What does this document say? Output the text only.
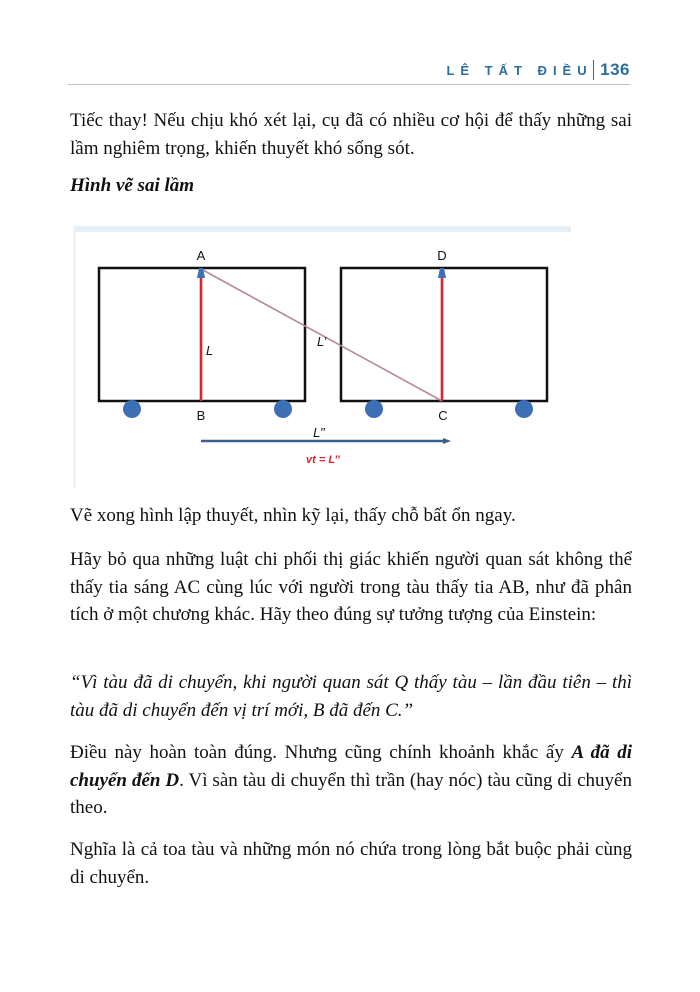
LÊ TẤT ĐIỀU 136

Tiếc thay! Nếu chịu khó xét lại, cụ đã có nhiều cơ hội để thấy những sai lầm nghiêm trọng, khiến thuyết khó sống sót.

Hình vẽ sai lầm

A
B
D
C
L
L’
L’’
vt = L’’

Vẽ xong hình lập thuyết, nhìn kỹ lại, thấy chỗ bất ổn ngay.

Hãy bỏ qua những luật chi phối thị giác khiến người quan sát không thể thấy tia sáng AC cùng lúc với người trong tàu thấy tia AB, như đã phân tích ở một chương khác. Hãy theo đúng sự tưởng tượng của Einstein:

“Vì tàu đã di chuyển, khi người quan sát Q thấy tàu – lần đầu tiên – thì tàu đã di chuyển đến vị trí mới, B đã đến C.”

Điều này hoàn toàn đúng. Nhưng cũng chính khoảnh khắc ấy A đã di chuyển đến D. Vì sàn tàu di chuyển thì trần (hay nóc) tàu cũng di chuyển theo.

Nghĩa là cả toa tàu và những món nó chứa trong lòng bắt buộc phải cùng di chuyển.
